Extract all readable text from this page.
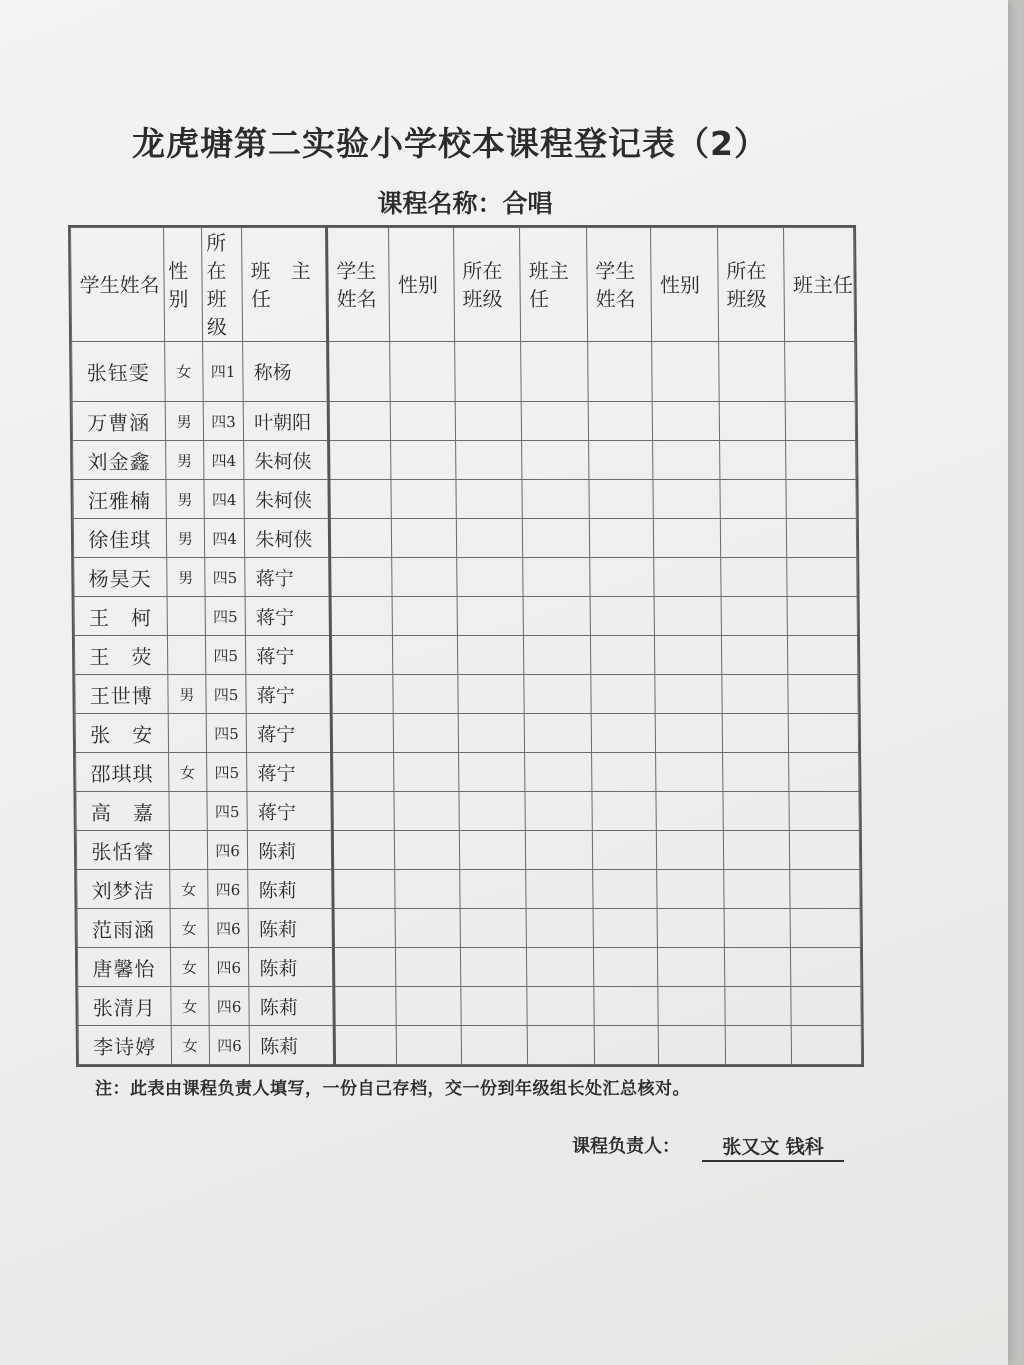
龙虎塘第二实验小学校本课程登记表（2）
课程名称：合唱
学生姓名	性别	所在班级	班　主任	学生姓名	性别	所在班级	班主任	学生姓名	性别	所在班级	班主任
张钰雯	女	四1	称杨								
万曹涵	男	四3	叶朝阳								
刘金鑫	男	四4	朱柯侠								
汪雅楠	男	四4	朱柯侠								
徐佳琪	男	四4	朱柯侠								
杨昊天	男	四5	蒋宁								
王　柯		四5	蒋宁								
王　荧		四5	蒋宁								
王世博	男	四5	蒋宁								
张　安		四5	蒋宁								
邵琪琪	女	四5	蒋宁								
高　嘉		四5	蒋宁								
张恬睿		四6	陈莉								
刘梦洁	女	四6	陈莉								
范雨涵	女	四6	陈莉								
唐馨怡	女	四6	陈莉								
张清月	女	四6	陈莉								
李诗婷	女	四6	陈莉								
注：此表由课程负责人填写，一份自己存档，交一份到年级组长处汇总核对。
课程负责人：	张又文 钱科
